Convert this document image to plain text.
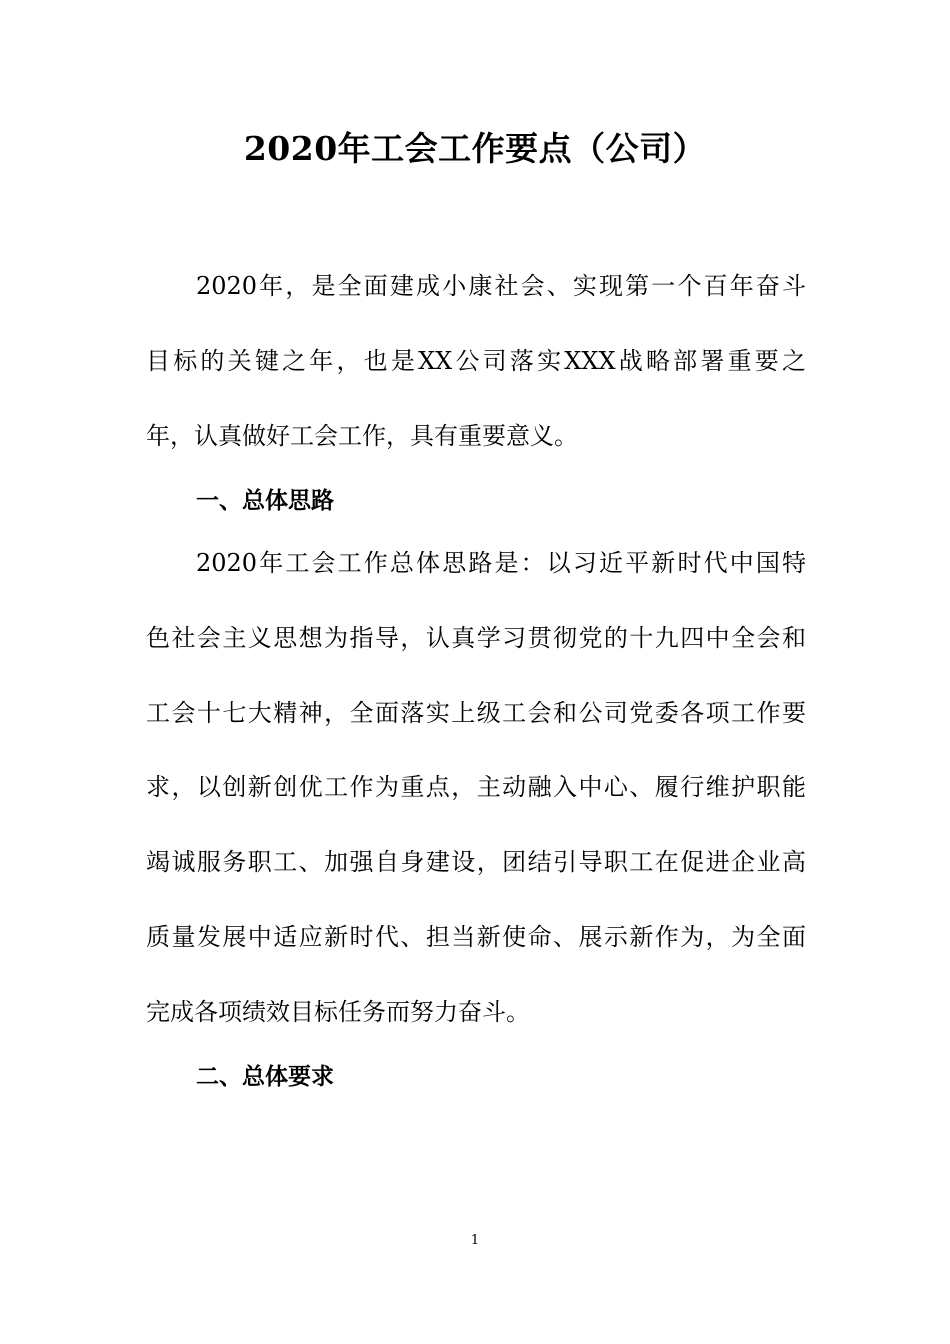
2020年工会工作要点（公司）
2020年，是全面建成小康社会、实现第一个百年奋斗
目标的关键之年，也是XX公司落实XXX战略部署重要之
年，认真做好工会工作，具有重要意义。
一、总体思路
2020年工会工作总体思路是：以习近平新时代中国特
色社会主义思想为指导，认真学习贯彻党的十九四中全会和
工会十七大精神，全面落实上级工会和公司党委各项工作要
求，以创新创优工作为重点，主动融入中心、履行维护职能
竭诚服务职工、加强自身建设，团结引导职工在促进企业高
质量发展中适应新时代、担当新使命、展示新作为，为全面
完成各项绩效目标任务而努力奋斗。
二、总体要求
1
